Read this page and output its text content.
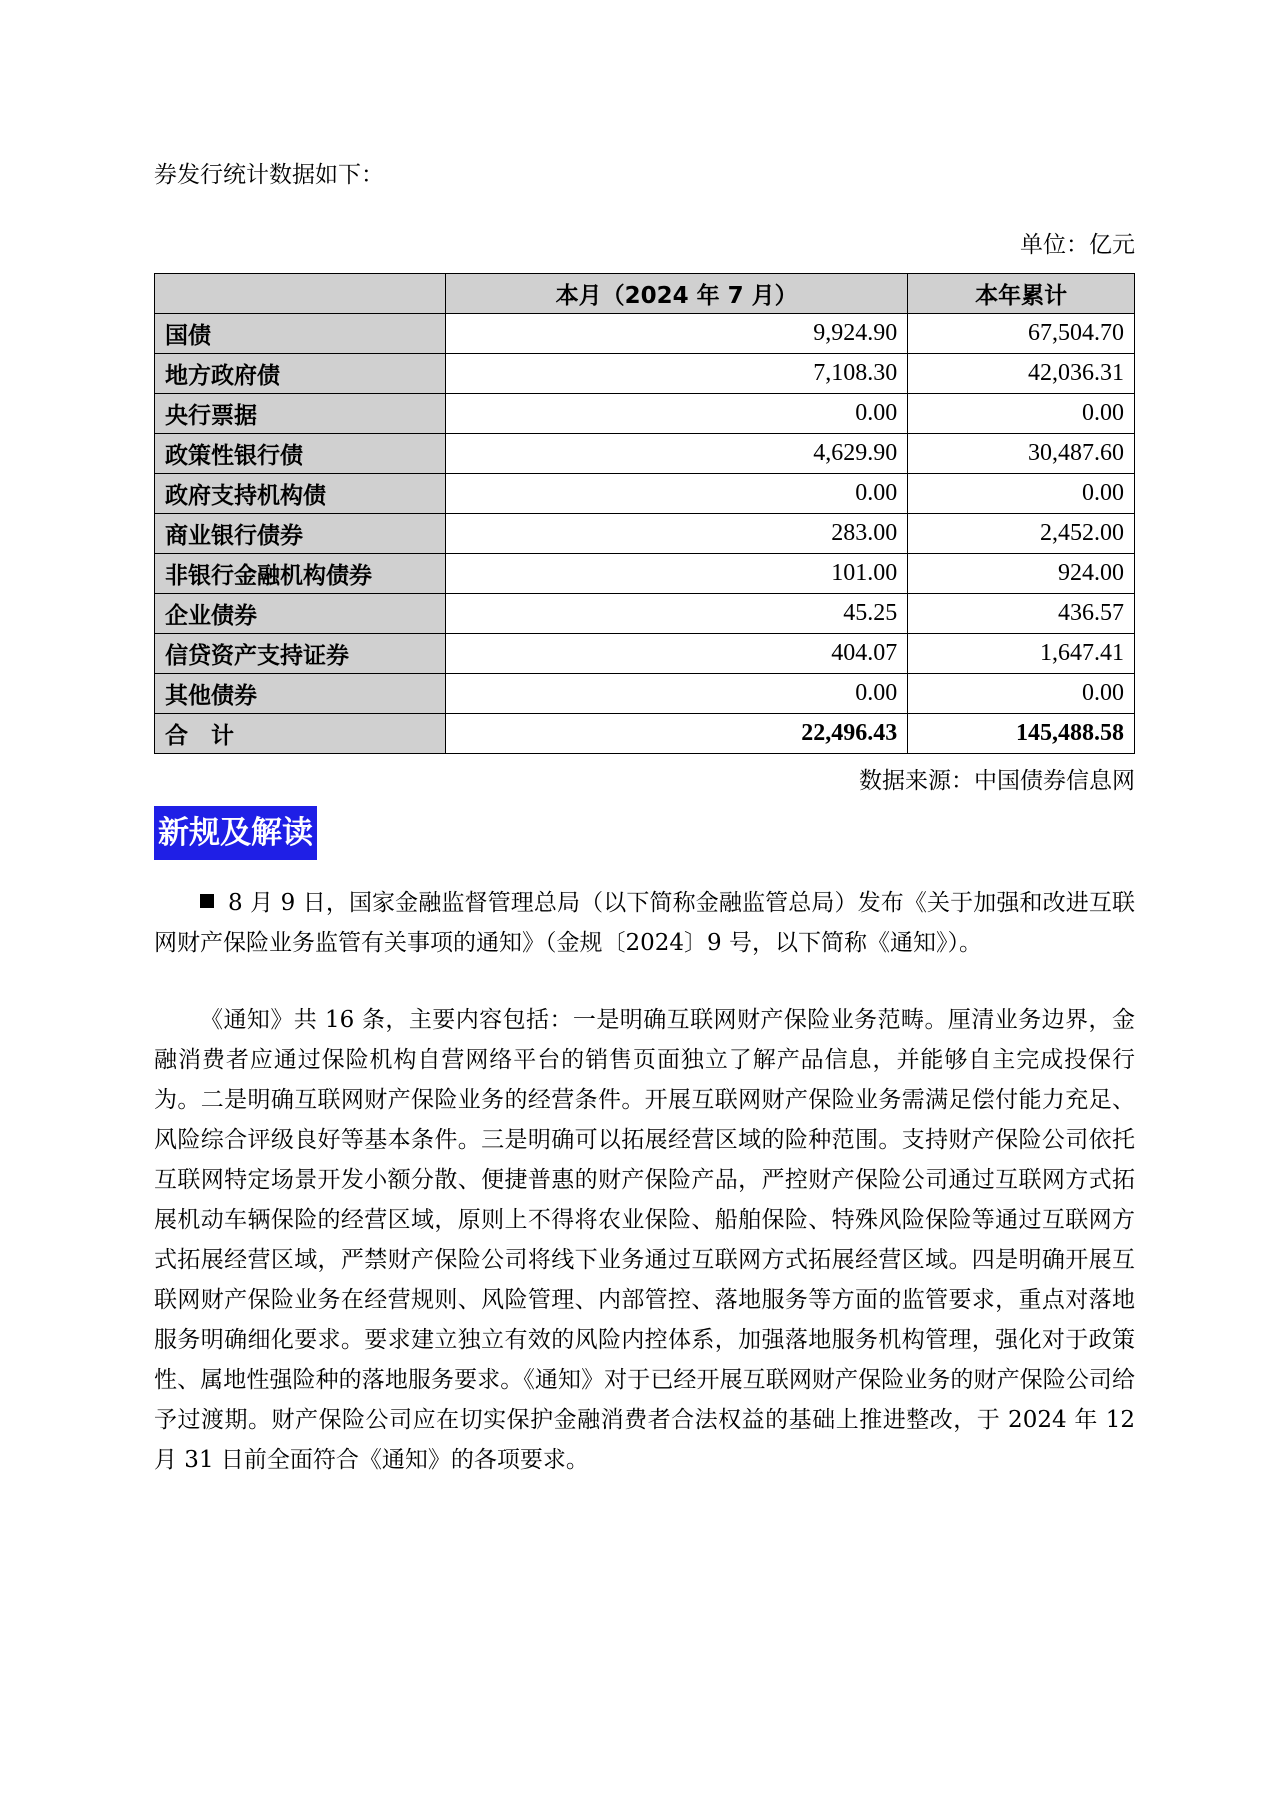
券发行统计数据如下：
单位：亿元
	本月（2024 年 7 月）	本年累计
国债	9,924.90	67,504.70
地方政府债	7,108.30	42,036.31
央行票据	0.00	0.00
政策性银行债	4,629.90	30,487.60
政府支持机构债	0.00	0.00
商业银行债券	283.00	2,452.00
非银行金融机构债券	101.00	924.00
企业债券	45.25	436.57
信贷资产支持证券	404.07	1,647.41
其他债券	0.00	0.00
合　计	22,496.43	145,488.58
数据来源：中国债券信息网
新规及解读

8 月 9 日，国家金融监督管理总局（以下简称金融监管总局）发布《关于加强和改进互联网财产保险业务监管有关事项的通知》（金规〔2024〕9 号，以下简称《通知》）。

《通知》共 16 条，主要内容包括：一是明确互联网财产保险业务范畴。厘清业务边界，金融消费者应通过保险机构自营网络平台的销售页面独立了解产品信息，并能够自主完成投保行为。二是明确互联网财产保险业务的经营条件。开展互联网财产保险业务需满足偿付能力充足、风险综合评级良好等基本条件。三是明确可以拓展经营区域的险种范围。支持财产保险公司依托互联网特定场景开发小额分散、便捷普惠的财产保险产品，严控财产保险公司通过互联网方式拓展机动车辆保险的经营区域，原则上不得将农业保险、船舶保险、特殊风险保险等通过互联网方式拓展经营区域，严禁财产保险公司将线下业务通过互联网方式拓展经营区域。四是明确开展互联网财产保险业务在经营规则、风险管理、内部管控、落地服务等方面的监管要求，重点对落地服务明确细化要求。要求建立独立有效的风险内控体系，加强落地服务机构管理，强化对于政策性、属地性强险种的落地服务要求。《通知》对于已经开展互联网财产保险业务的财产保险公司给予过渡期。财产保险公司应在切实保护金融消费者合法权益的基础上推进整改，于 2024 年 12 月 31 日前全面符合《通知》的各项要求。
